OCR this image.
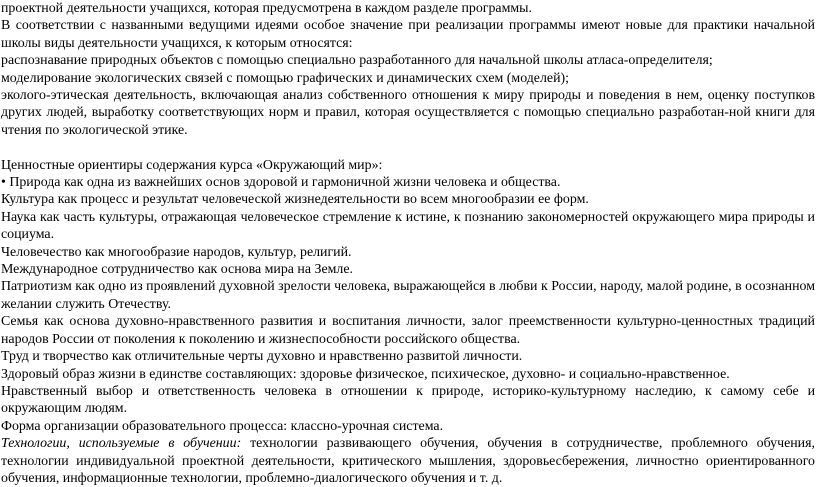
проектной деятельности учащихся, которая предусмотрена в каждом разделе программы.

В соответствии с названными ведущими идеями особое значение при реализации программы имеют новые для практики начальной школы виды деятельности учащихся, к которым относятся:

распознавание природных объектов с помощью специально разработанного для начальной школы атласа-определителя;

моделирование экологических связей с помощью графических и динамических схем (моделей);

эколого-этическая деятельность, включающая анализ собственного отношения к миру природы и поведения в нем, оценку поступков других людей, выработку соответствующих норм и правил, которая осуществляется с помощью специально разработан-ной книги для чтения по экологической этике.

Ценностные ориентиры содержания курса «Окружающий мир»:

• Природа как одна из важнейших основ здоровой и гармоничной жизни человека и общества.

Культура как процесс и результат человеческой жизнедеятельности во всем многообразии ее форм.

Наука как часть культуры, отражающая человеческое стремление к истине, к познанию закономерностей окружающего мира природы и социума.

Человечество как многообразие народов, культур, религий.

Международное сотрудничество как основа мира на Земле.

Патриотизм как одно из проявлений духовной зрелости человека, выражающейся в любви к России, народу, малой родине, в осознанном желании служить Отечеству.

Семья как основа духовно-нравственного развития и воспитания личности, залог преемственности культурно-ценностных традиций народов России от поколения к поколению и жизнеспособности российского общества.

Труд и творчество как отличительные черты духовно и нравственно развитой личности.

Здоровый образ жизни в единстве составляющих: здоровье физическое, психическое, духовно- и социально-нравственное.

Нравственный выбор и ответственность человека в отношении к природе, историко-культурному наследию, к самому себе и окружающим людям.

Форма организации образовательного процесса: классно-урочная система.

Технологии, используемые в обучении: технологии развивающего обучения, обучения в сотрудничестве, проблемного обучения, технологии индивидуальной проектной деятельности, критического мышления, здоровьесбережения, личностно ориентированного обучения, информационные технологии, проблемно-диалогического обучения и т. д.
